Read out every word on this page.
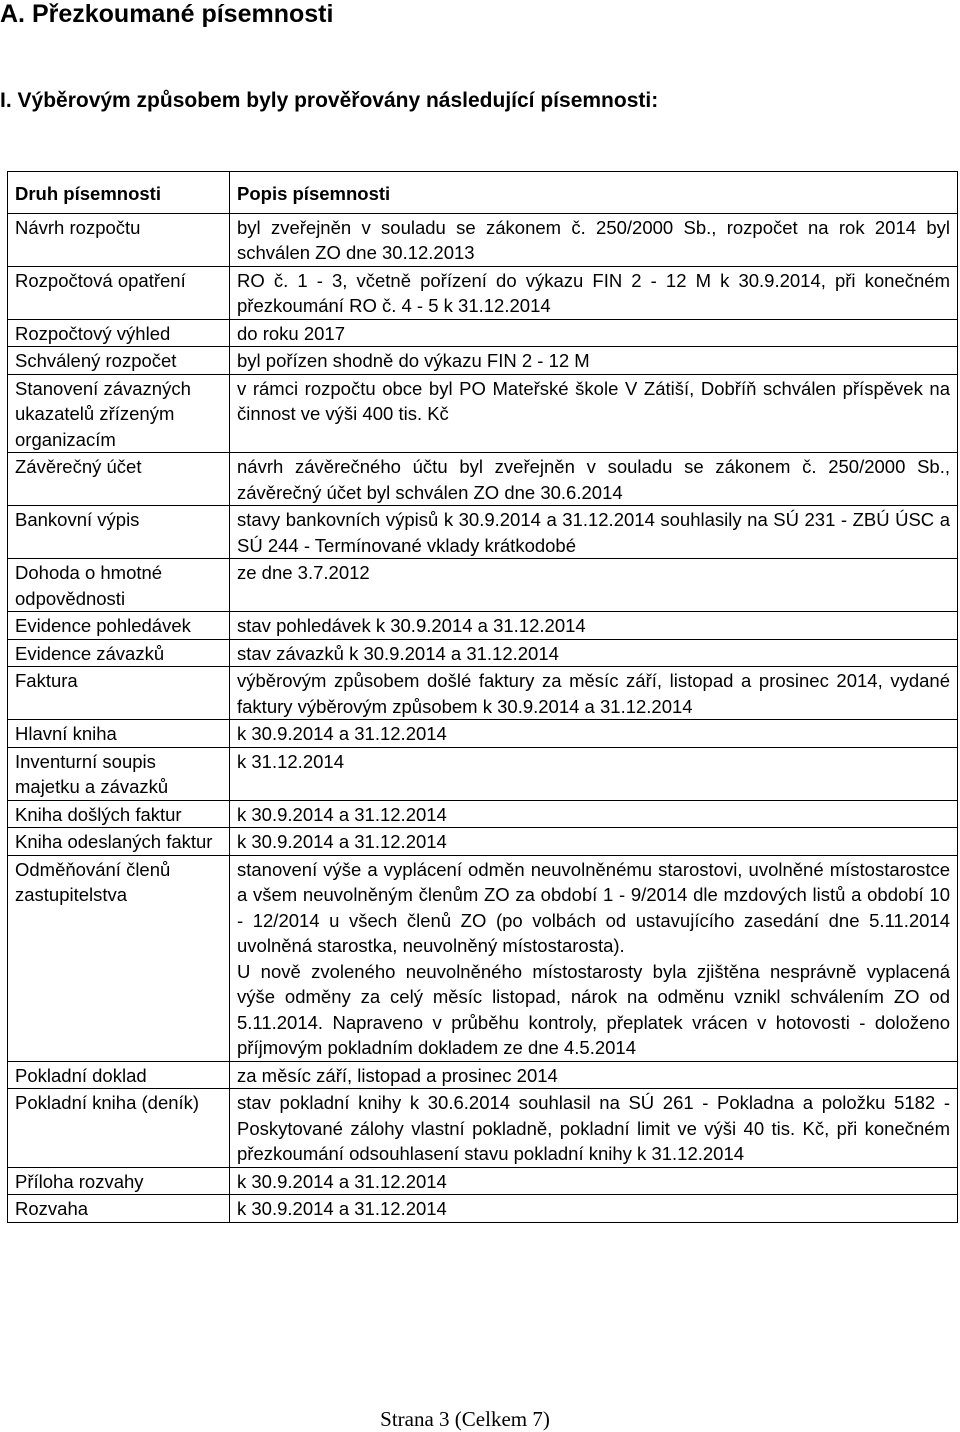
A. Přezkoumané písemnosti
I. Výběrovým způsobem byly prověřovány následující písemnosti:
Druh písemnosti	Popis písemnosti
Návrh rozpočtu	byl zveřejněn v souladu se zákonem č. 250/2000 Sb., rozpočet na rok 2014 byl schválen ZO dne 30.12.2013

Rozpočtová opatření	RO č. 1 - 3, včetně pořízení do výkazu FIN 2 - 12 M k 30.9.2014, při konečném přezkoumání RO č. 4 - 5 k 31.12.2014

Rozpočtový výhled	do roku 2017

Schválený rozpočet	byl pořízen shodně do výkazu FIN 2 - 12 M

Stanovení závazných ukazatelů zřízeným organizacím	v rámci rozpočtu obce byl PO Mateřské škole V Zátiší, Dobříň schválen příspěvek na činnost ve výši 400 tis. Kč

Závěrečný účet	návrh závěrečného účtu byl zveřejněn v souladu se zákonem č. 250/2000 Sb., závěrečný účet byl schválen ZO dne 30.6.2014

Bankovní výpis	stavy bankovních výpisů k 30.9.2014 a 31.12.2014 souhlasily na SÚ 231 - ZBÚ ÚSC a SÚ 244 - Termínované vklady krátkodobé

Dohoda o hmotné odpovědnosti	ze dne 3.7.2012

Evidence pohledávek	stav pohledávek k 30.9.2014 a 31.12.2014

Evidence závazků	stav závazků k 30.9.2014 a 31.12.2014

Faktura	výběrovým způsobem došlé faktury za měsíc září, listopad a prosinec 2014, vydané faktury výběrovým způsobem k 30.9.2014 a 31.12.2014

Hlavní kniha	k 30.9.2014 a 31.12.2014

Inventurní soupis majetku a závazků	k 31.12.2014

Kniha došlých faktur	k 30.9.2014 a 31.12.2014

Kniha odeslaných faktur	k 30.9.2014 a 31.12.2014

Odměňování členů zastupitelstva	stanovení výše a vyplácení odměn neuvolněnému starostovi, uvolněné místostarostce a všem neuvolněným členům ZO za období 1 - 9/2014 dle mzdových listů a období 10 - 12/2014 u všech členů ZO (po volbách od ustavujícího zasedání dne 5.11.2014 uvolněná starostka, neuvolněný místostarosta).
U nově zvoleného neuvolněného místostarosty byla zjištěna nesprávně vyplacená výše odměny za celý měsíc listopad, nárok na odměnu vznikl schválením ZO od 5.11.2014. Napraveno v průběhu kontroly, přeplatek vrácen v hotovosti - doloženo příjmovým pokladním dokladem ze dne 4.5.2014

Pokladní doklad	za měsíc září, listopad a prosinec 2014

Pokladní kniha (deník)	stav pokladní knihy k 30.6.2014 souhlasil na SÚ 261 - Pokladna a položku 5182 - Poskytované zálohy vlastní pokladně, pokladní limit ve výši 40 tis. Kč, při konečném přezkoumání odsouhlasení stavu pokladní knihy k 31.12.2014

Příloha rozvahy	k 30.9.2014 a 31.12.2014

Rozvaha	k 30.9.2014 a 31.12.2014
Strana 3 (Celkem 7)
